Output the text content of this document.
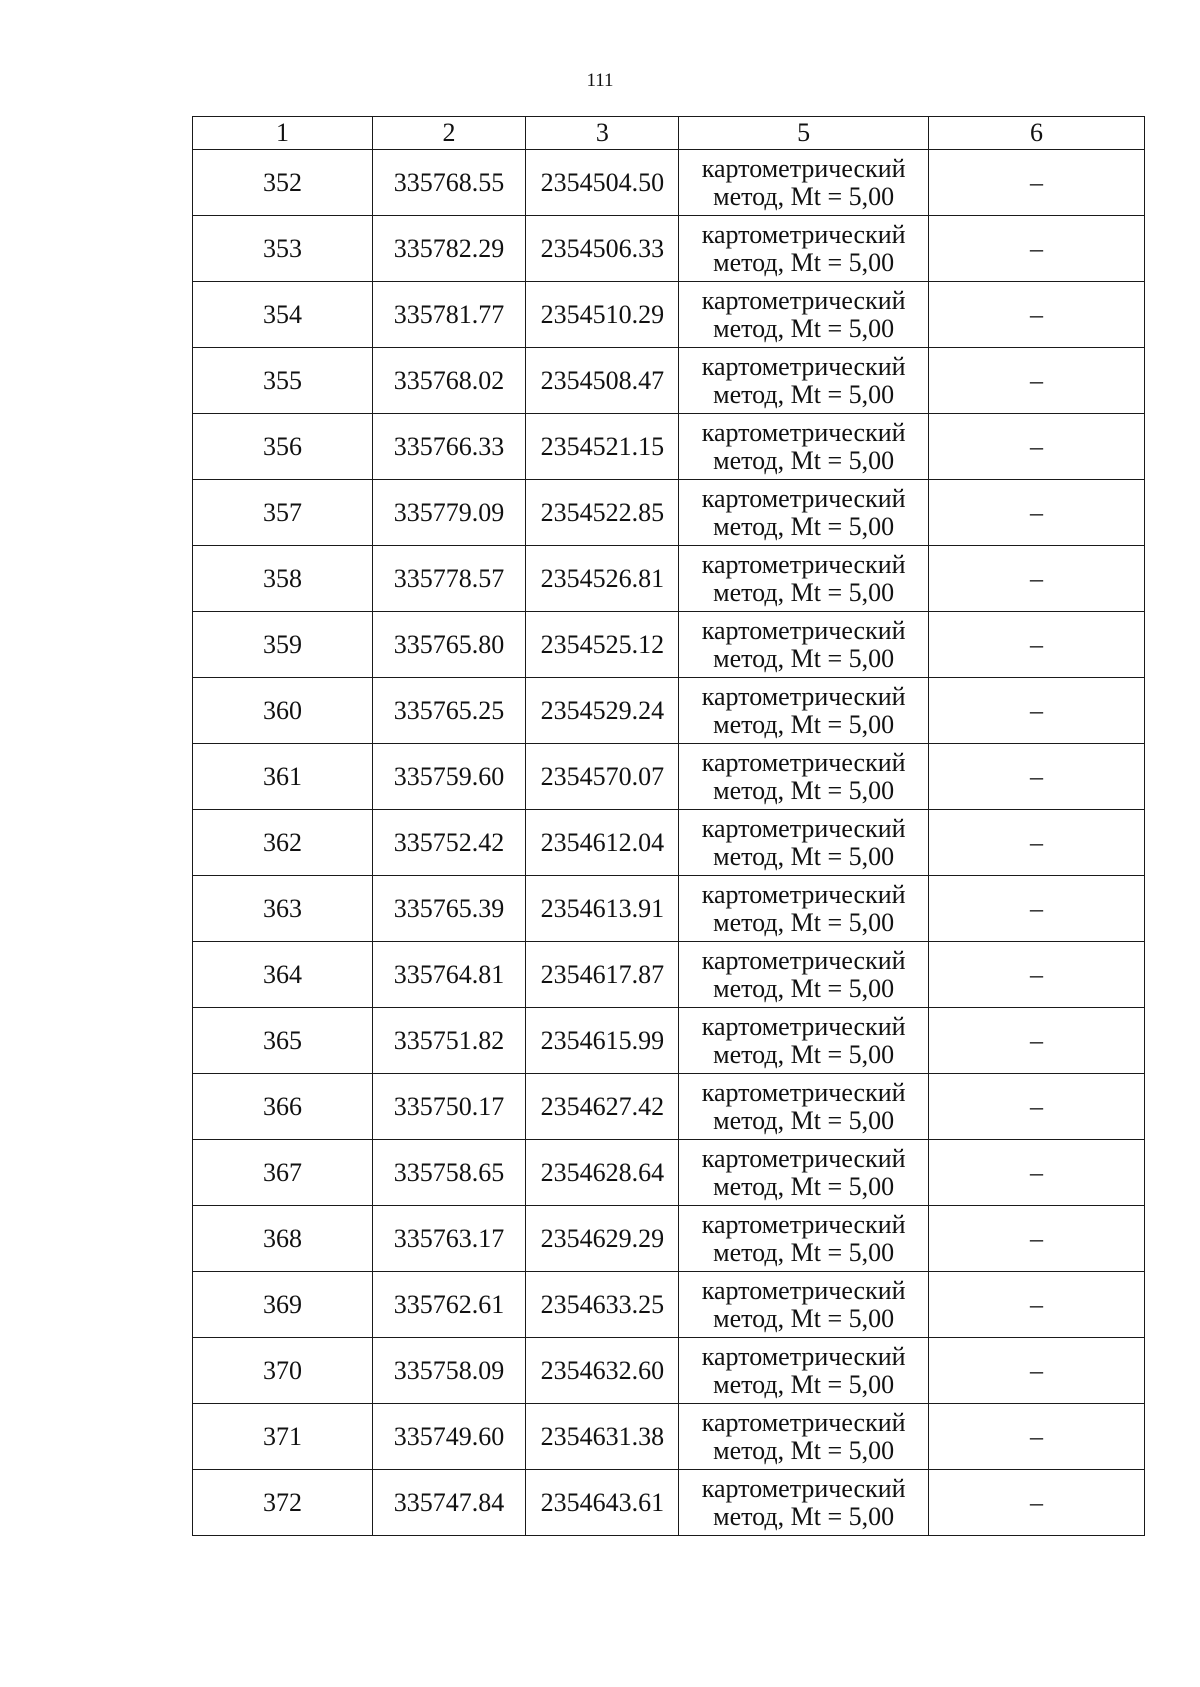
111
1	2	3	5	6
352	335768.55	2354504.50	картометрический
метод, Mt = 5,00	–
353	335782.29	2354506.33	картометрический
метод, Mt = 5,00	–
354	335781.77	2354510.29	картометрический
метод, Mt = 5,00	–
355	335768.02	2354508.47	картометрический
метод, Mt = 5,00	–
356	335766.33	2354521.15	картометрический
метод, Mt = 5,00	–
357	335779.09	2354522.85	картометрический
метод, Mt = 5,00	–
358	335778.57	2354526.81	картометрический
метод, Mt = 5,00	–
359	335765.80	2354525.12	картометрический
метод, Mt = 5,00	–
360	335765.25	2354529.24	картометрический
метод, Mt = 5,00	–
361	335759.60	2354570.07	картометрический
метод, Mt = 5,00	–
362	335752.42	2354612.04	картометрический
метод, Mt = 5,00	–
363	335765.39	2354613.91	картометрический
метод, Mt = 5,00	–
364	335764.81	2354617.87	картометрический
метод, Mt = 5,00	–
365	335751.82	2354615.99	картометрический
метод, Mt = 5,00	–
366	335750.17	2354627.42	картометрический
метод, Mt = 5,00	–
367	335758.65	2354628.64	картометрический
метод, Mt = 5,00	–
368	335763.17	2354629.29	картометрический
метод, Mt = 5,00	–
369	335762.61	2354633.25	картометрический
метод, Mt = 5,00	–
370	335758.09	2354632.60	картометрический
метод, Mt = 5,00	–
371	335749.60	2354631.38	картометрический
метод, Mt = 5,00	–
372	335747.84	2354643.61	картометрический
метод, Mt = 5,00	–
